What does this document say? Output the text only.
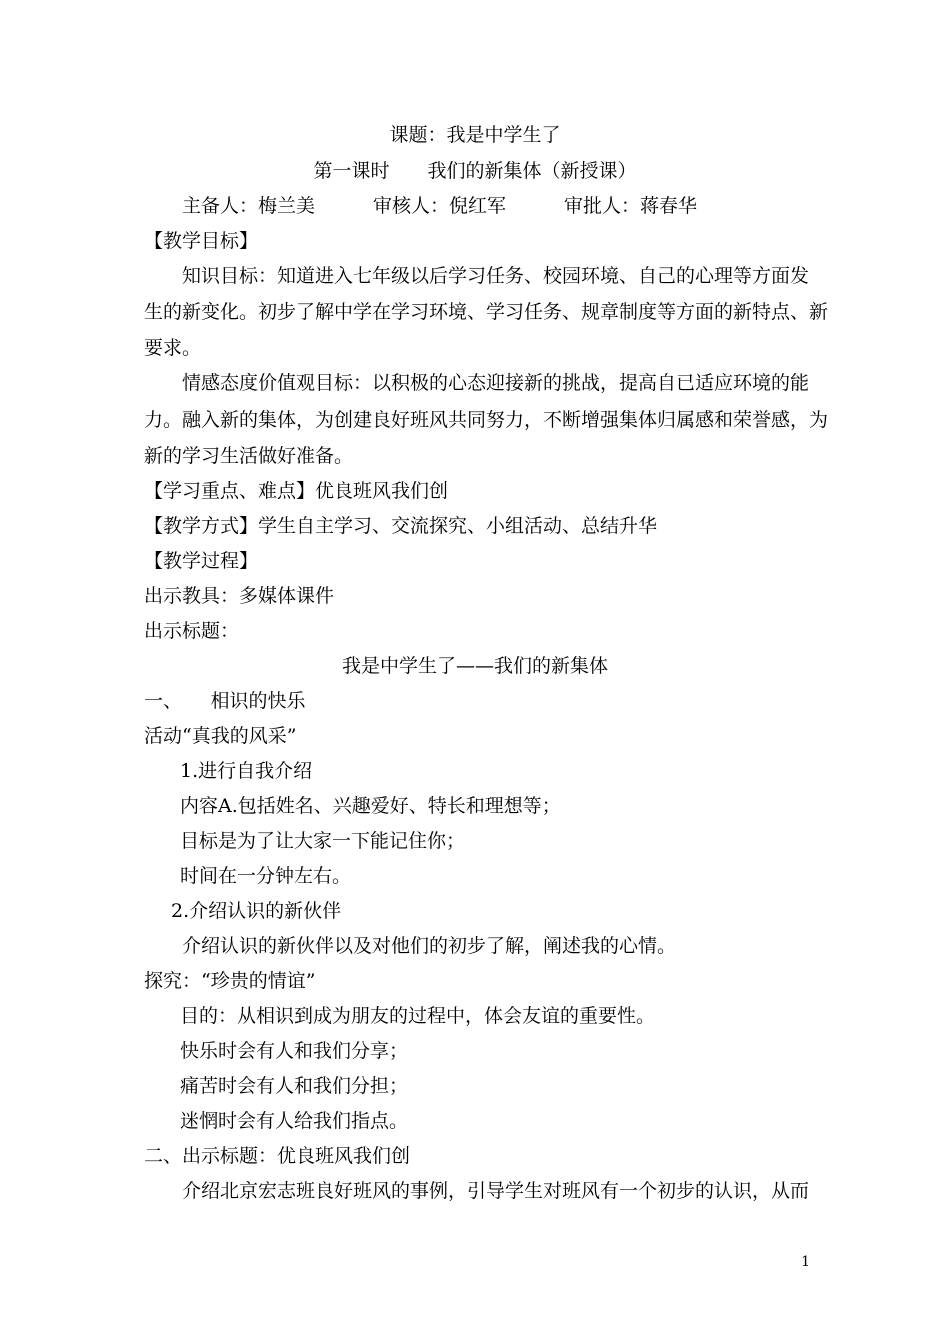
课题：我是中学生了
第一课时　　我们的新集体（新授课）
主备人：梅兰美	审核人：倪红军	审批人：蒋春华
【教学目标】
知识目标：知道进入七年级以后学习任务、校园环境、自己的心理等方面发
生的新变化。初步了解中学在学习环境、学习任务、规章制度等方面的新特点、新
要求。
情感态度价值观目标：以积极的心态迎接新的挑战，提高自已适应环境的能
力。融入新的集体，为创建良好班风共同努力，不断增强集体归属感和荣誉感，为
新的学习生活做好准备。
【学习重点、难点】优良班风我们创
【教学方式】学生自主学习、交流探究、小组活动、总结升华
【教学过程】
出示教具：多媒体课件
出示标题：
我是中学生了——我们的新集体
一、　　相识的快乐
活动“真我的风采”
1.进行自我介绍
内容A.包括姓名、兴趣爱好、特长和理想等；
目标是为了让大家一下能记住你；
时间在一分钟左右。
2.介绍认识的新伙伴
介绍认识的新伙伴以及对他们的初步了解，阐述我的心情。
探究：“珍贵的情谊”
目的：从相识到成为朋友的过程中，体会友谊的重要性。
快乐时会有人和我们分享；
痛苦时会有人和我们分担；
迷惘时会有人给我们指点。
二、出示标题：优良班风我们创
介绍北京宏志班良好班风的事例，引导学生对班风有一个初步的认识，从而
1
